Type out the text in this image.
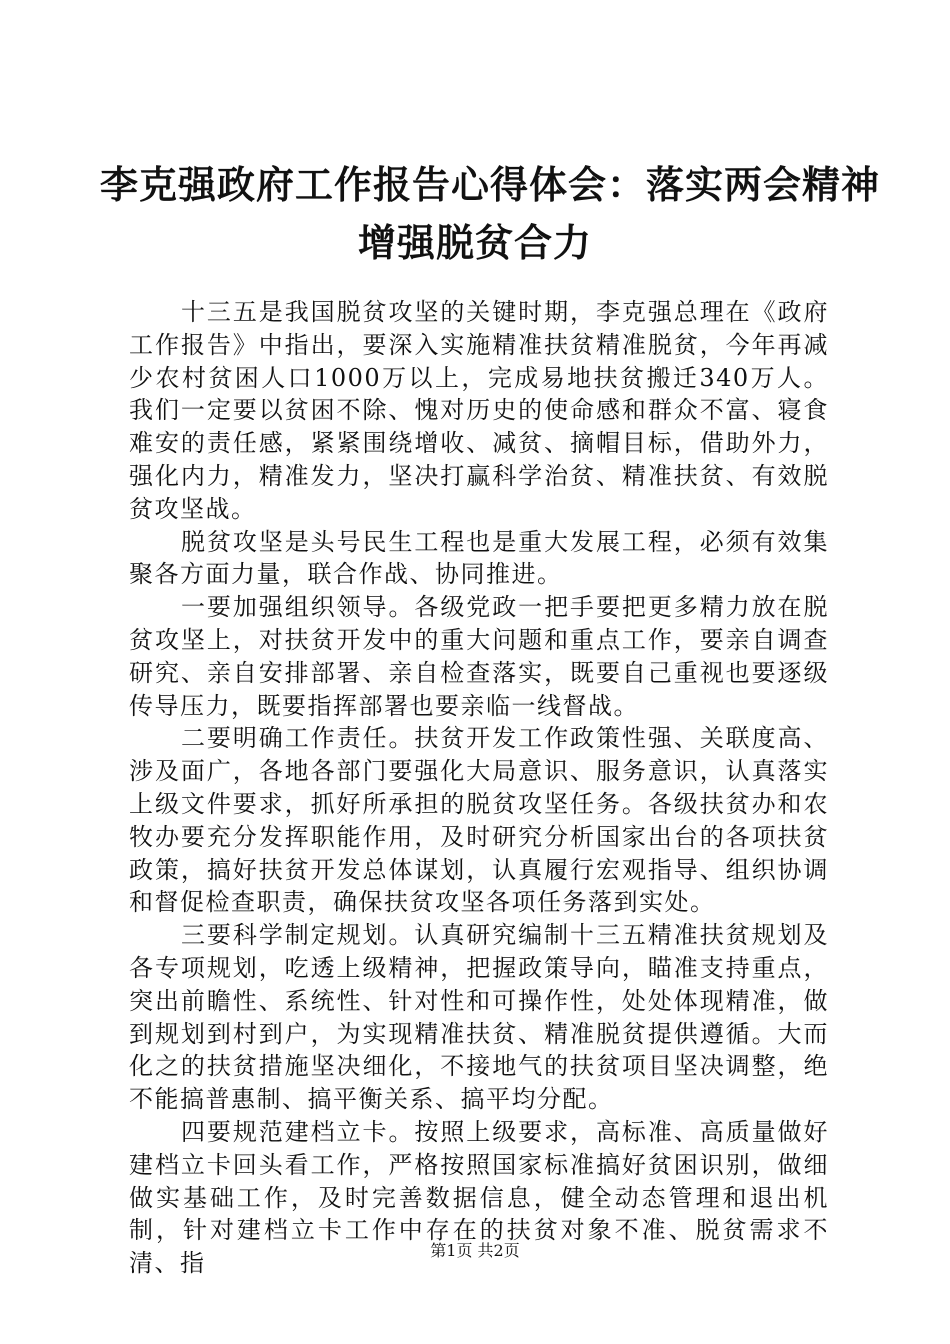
李克强政府工作报告心得体会：落实两会精神
增强脱贫合力

十三五是我国脱贫攻坚的关键时期，李克强总理在《政府工作报告》中指出，要深入实施精准扶贫精准脱贫，今年再减少农村贫困人口1000万以上，完成易地扶贫搬迁340万人。我们一定要以贫困不除、愧对历史的使命感和群众不富、寝食难安的责任感，紧紧围绕增收、减贫、摘帽目标，借助外力，强化内力，精准发力，坚决打赢科学治贫、精准扶贫、有效脱贫攻坚战。

脱贫攻坚是头号民生工程也是重大发展工程，必须有效集聚各方面力量，联合作战、协同推进。

一要加强组织领导。各级党政一把手要把更多精力放在脱贫攻坚上，对扶贫开发中的重大问题和重点工作，要亲自调查研究、亲自安排部署、亲自检查落实，既要自己重视也要逐级传导压力，既要指挥部署也要亲临一线督战。

二要明确工作责任。扶贫开发工作政策性强、关联度高、涉及面广，各地各部门要强化大局意识、服务意识，认真落实上级文件要求，抓好所承担的脱贫攻坚任务。各级扶贫办和农牧办要充分发挥职能作用，及时研究分析国家出台的各项扶贫政策，搞好扶贫开发总体谋划，认真履行宏观指导、组织协调和督促检查职责，确保扶贫攻坚各项任务落到实处。

三要科学制定规划。认真研究编制十三五精准扶贫规划及各专项规划，吃透上级精神，把握政策导向，瞄准支持重点，突出前瞻性、系统性、针对性和可操作性，处处体现精准，做到规划到村到户，为实现精准扶贫、精准脱贫提供遵循。大而化之的扶贫措施坚决细化，不接地气的扶贫项目坚决调整，绝不能搞普惠制、搞平衡关系、搞平均分配。

四要规范建档立卡。按照上级要求，高标准、高质量做好建档立卡回头看工作，严格按照国家标准搞好贫困识别，做细做实基础工作，及时完善数据信息，健全动态管理和退出机制，针对建档立卡工作中存在的扶贫对象不准、脱贫需求不清、指	第1页 共2页
